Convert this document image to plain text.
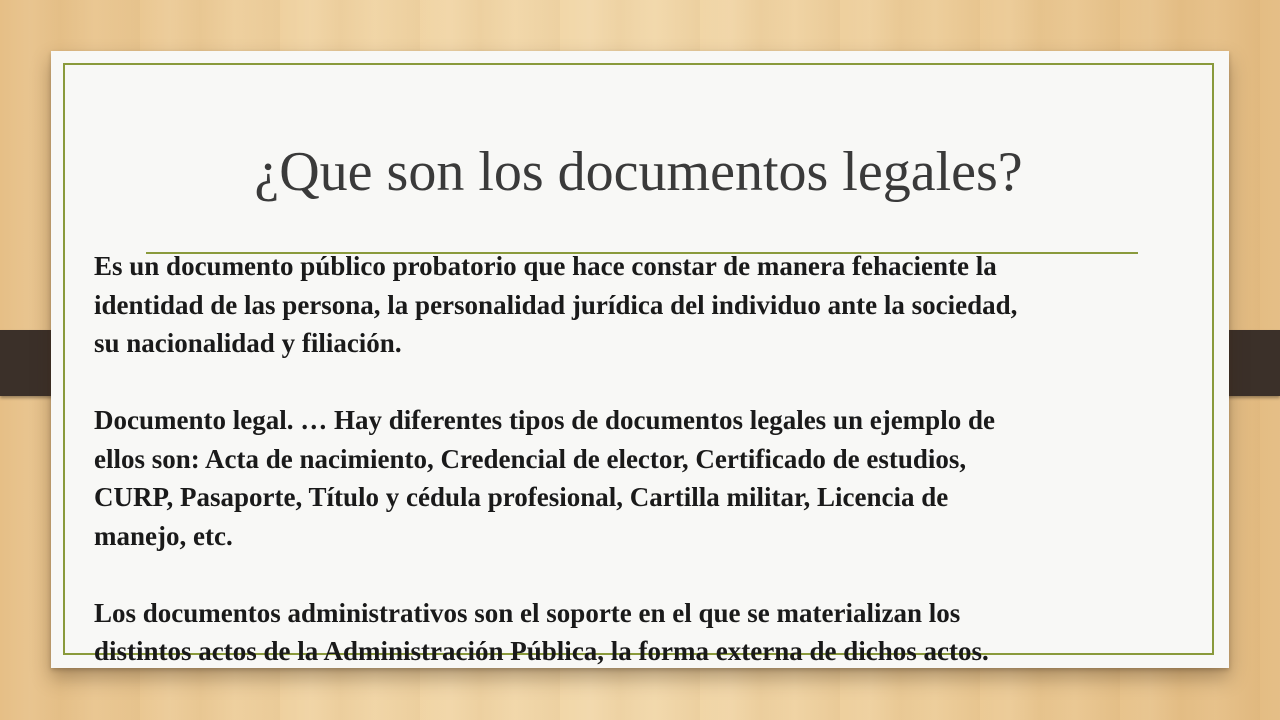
¿Que son los documentos legales?

Es un documento público probatorio que hace constar de manera fehaciente la
identidad de las persona, la personalidad jurídica del individuo ante la sociedad,
su nacionalidad y filiación.

Documento legal. … Hay diferentes tipos de documentos legales un ejemplo de
ellos son: Acta de nacimiento, Credencial de elector, Certificado de estudios,
CURP, Pasaporte, Título y cédula profesional, Cartilla militar, Licencia de
manejo, etc.

Los documentos administrativos son el soporte en el que se materializan los
distintos actos de la Administración Pública, la forma externa de dichos actos.
